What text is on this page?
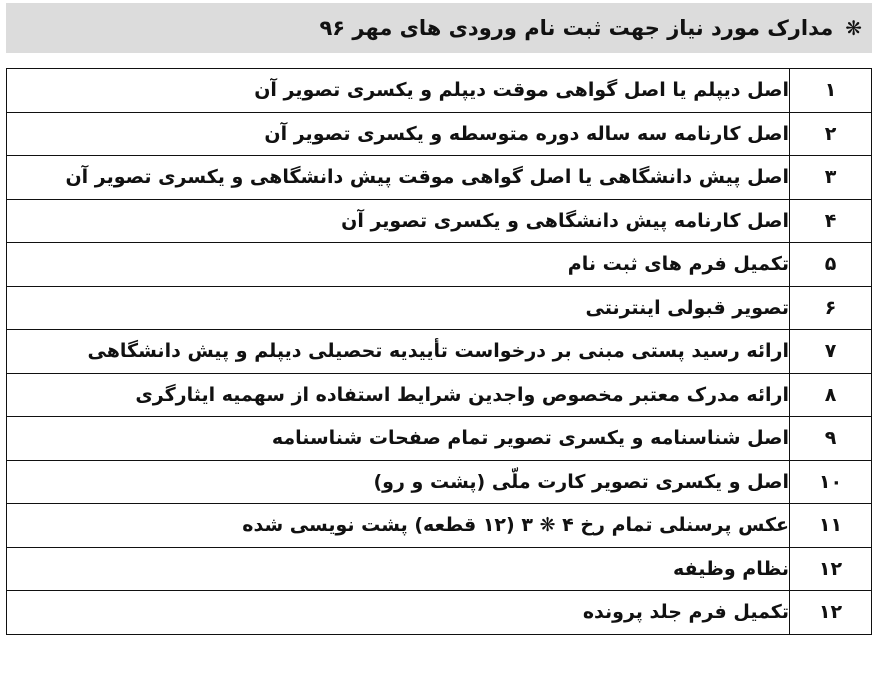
❋
مدارک مورد نیاز جهت ثبت نام ورودی های مهر ۹۶
۱	اصل دیپلم یا اصل گواهی موقت دیپلم و یکسری تصویر آن
۲	اصل کارنامه سه ساله دوره متوسطه و یکسری تصویر آن
۳	اصل پیش دانشگاهی یا اصل گواهی موقت پیش دانشگاهی و یکسری تصویر آن
۴	اصل کارنامه پیش دانشگاهی و یکسری تصویر آن
۵	تکمیل فرم های ثبت نام
۶	تصویر قبولی اینترنتی
۷	ارائه رسید پستی مبنی بر درخواست تأییدیه تحصیلی دیپلم و پیش دانشگاهی
۸	ارائه مدرک معتبر مخصوص واجدین شرایط استفاده از سهمیه ایثارگری
۹	اصل شناسنامه و یکسری تصویر تمام صفحات شناسنامه
۱۰	اصل و یکسری تصویر کارت ملّی (پشت و رو)
۱۱	عکس پرسنلی تمام رخ ۴ ❋ ۳ (۱۲ قطعه) پشت نویسی شده
۱۲	نظام وظیفه
۱۲	تکمیل فرم جلد پرونده
